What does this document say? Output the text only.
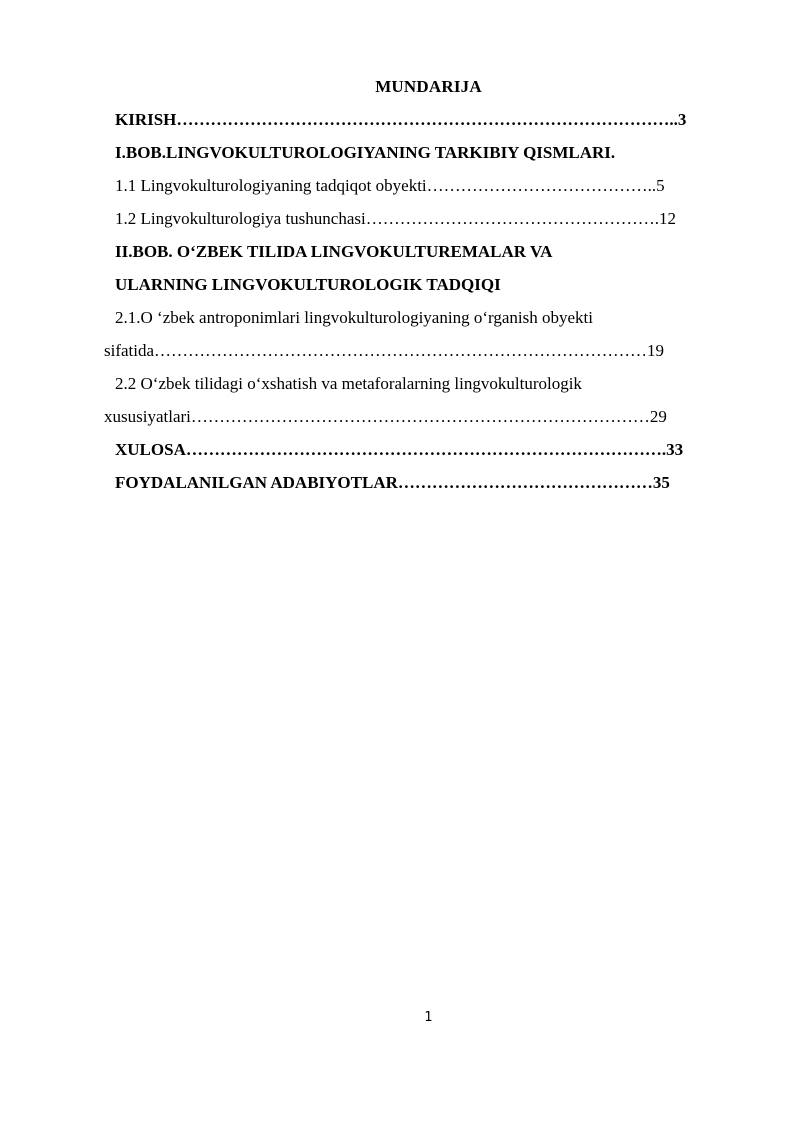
MUNDARIJA
KIRISH……………………………………………………………………………..3
I.BOB.LINGVOKULTUROLOGIYANING TARKIBIY QISMLARI.
1.1 Lingvokulturologiyaning tadqiqot obyekti…………………………………..5
1.2 Lingvokulturologiya tushunchasi…………………………………………….12
II.BOB. O‘ZBEK TILIDA LINGVOKULTUREMALAR VA
ULARNING LINGVOKULTUROLOGIK TADQIQI
2.1.O ‘zbek antroponimlari lingvokulturologiyaning o‘rganish obyekti
sifatida……………………………………………………………………………19
2.2 O‘zbek tilidagi o‘xshatish va metaforalarning lingvokulturologik
xususiyatlari………………………………………………………………………29
XULOSA………………………………………………………………………….33
FOYDALANILGAN ADABIYOTLAR………………………………………35
1
